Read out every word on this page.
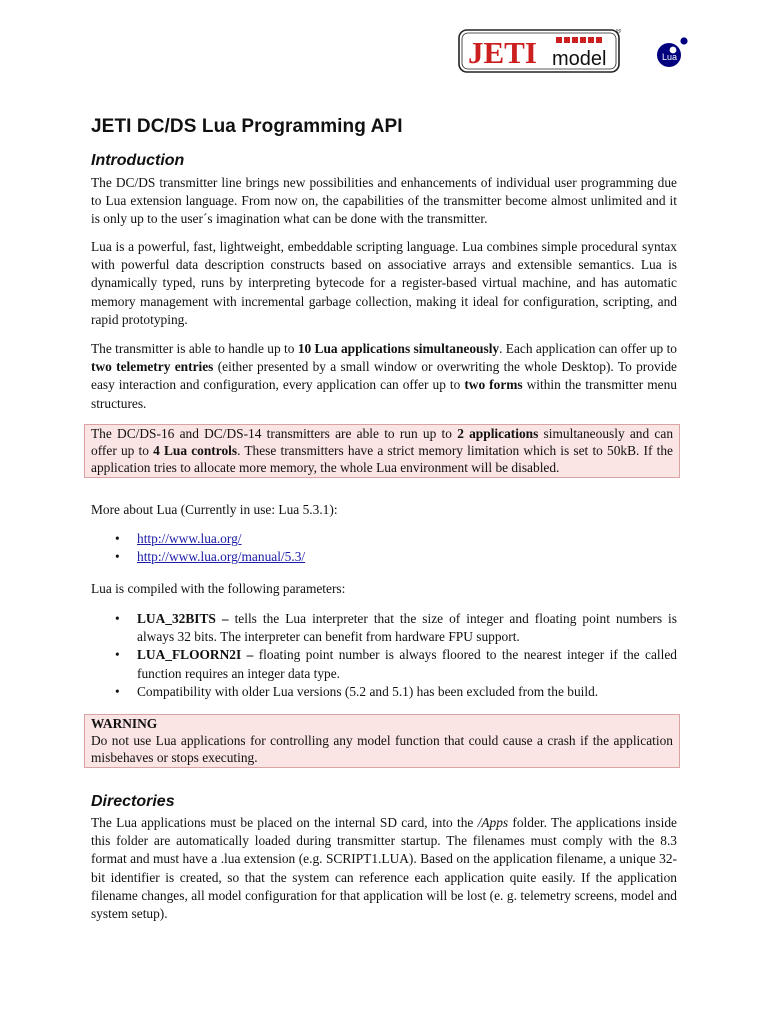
JETI model
®
Lua
JETI DC/DS Lua Programming API
Introduction

The DC/DS transmitter line brings new possibilities and enhancements of individual user programming due to Lua extension language. From now on, the capabilities of the transmitter become almost unlimited and it is only up to the user´s imagination what can be done with the transmitter.

Lua is a powerful, fast, lightweight, embeddable scripting language. Lua combines simple procedural syntax with powerful data description constructs based on associative arrays and extensible semantics. Lua is dynamically typed, runs by interpreting bytecode for a register-based virtual machine, and has automatic memory management with incremental garbage collection, making it ideal for configuration, scripting, and rapid prototyping.

The transmitter is able to handle up to 10 Lua applications simultaneously. Each application can offer up to two telemetry entries (either presented by a small window or overwriting the whole Desktop). To provide easy interaction and configuration, every application can offer up to two forms within the transmitter menu structures.

The DC/DS-16 and DC/DS-14 transmitters are able to run up to 2 applications simultaneously and can offer up to 4 Lua controls. These transmitters have a strict memory limitation which is set to 50kB. If the application tries to allocate more memory, the whole Lua environment will be disabled.

More about Lua (Currently in use: Lua 5.3.1):

• http://www.lua.org/
• http://www.lua.org/manual/5.3/

Lua is compiled with the following parameters:

• LUA_32BITS – tells the Lua interpreter that the size of integer and floating point numbers is always 32 bits. The interpreter can benefit from hardware FPU support.
• LUA_FLOORN2I – floating point number is always floored to the nearest integer if the called function requires an integer data type.
• Compatibility with older Lua versions (5.2 and 5.1) has been excluded from the build.
WARNING
Do not use Lua applications for controlling any model function that could cause a crash if the application misbehaves or stops executing.
Directories

The Lua applications must be placed on the internal SD card, into the /Apps folder. The applications inside this folder are automatically loaded during transmitter startup. The filenames must comply with the 8.3 format and must have a .lua extension (e.g. SCRIPT1.LUA). Based on the application filename, a unique 32-bit identifier is created, so that the system can reference each application quite easily. If the application filename changes, all model configuration for that application will be lost (e. g. telemetry screens, model and system setup).
